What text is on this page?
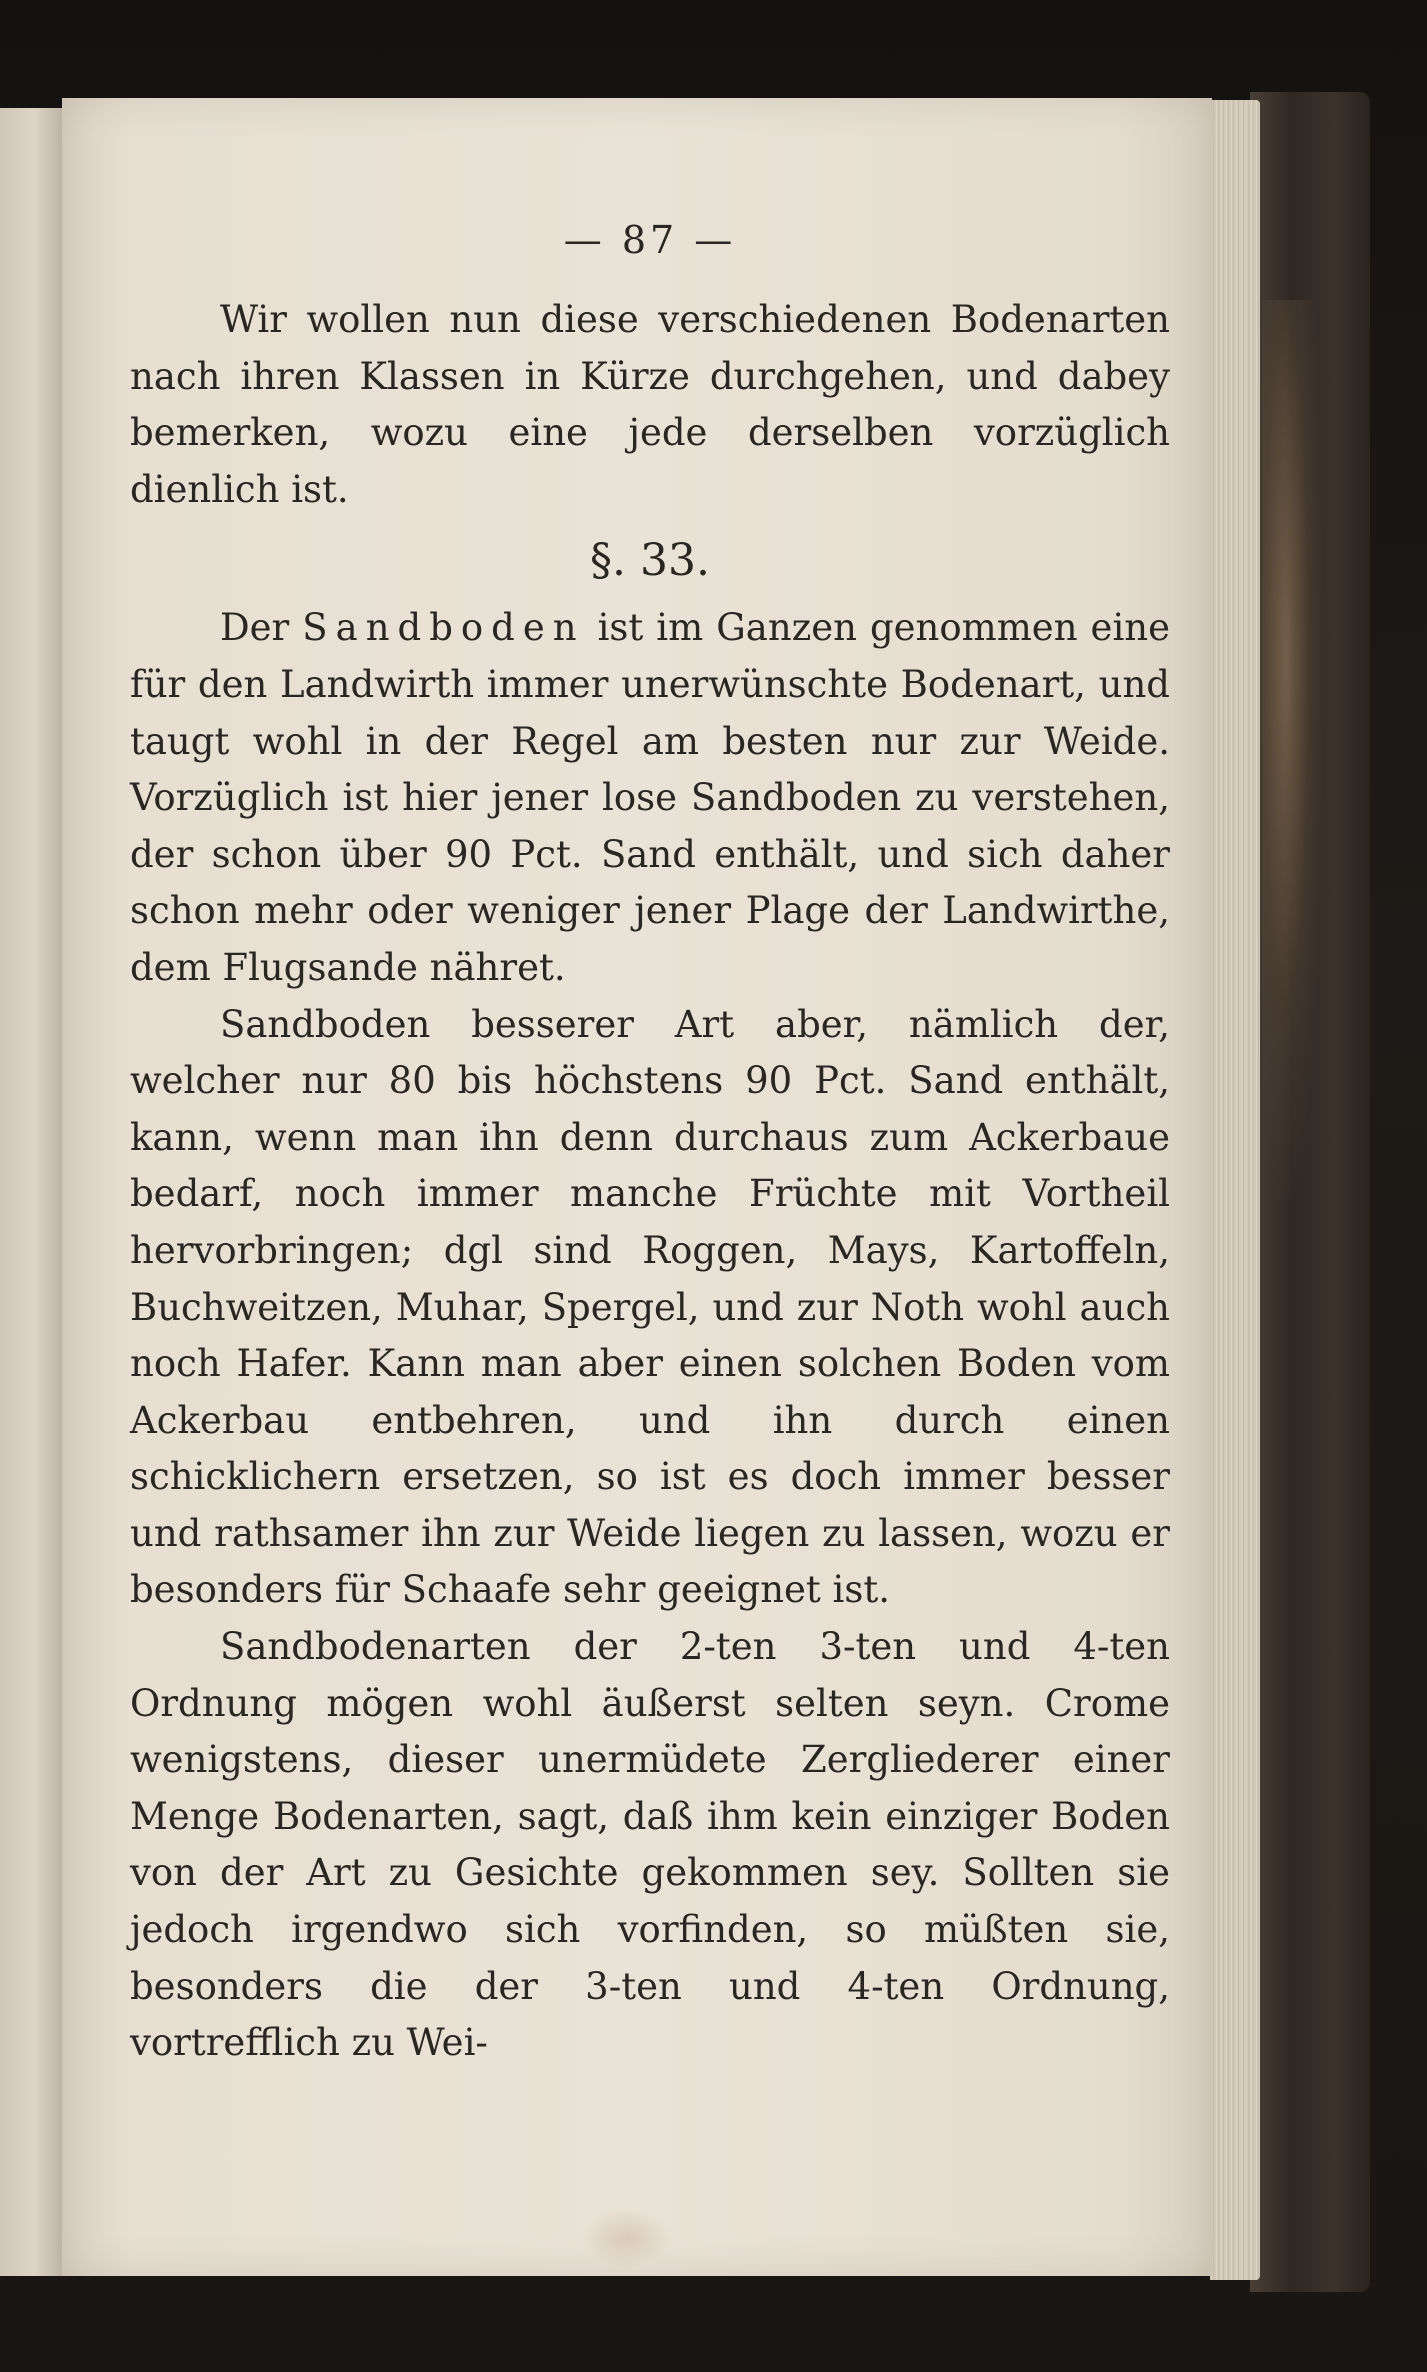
— 87 —

Wir wollen nun diese verschiedenen Bodenarten nach ihren Klassen in Kürze durchgehen, und dabey bemerken, wozu eine jede derselben vorzüglich dienlich ist.

§. 33.

Der Sandboden ist im Ganzen genommen eine für den Landwirth immer unerwünschte Bodenart, und taugt wohl in der Regel am besten nur zur Weide. Vorzüglich ist hier jener lose Sandboden zu verstehen, der schon über 90 Pct. Sand enthält, und sich daher schon mehr oder weniger jener Plage der Landwirthe, dem Flugsande nähret.

Sandboden besserer Art aber, nämlich der, welcher nur 80 bis höchstens 90 Pct. Sand enthält, kann, wenn man ihn denn durchaus zum Ackerbaue bedarf, noch immer manche Früchte mit Vortheil hervorbringen; dgl sind Roggen, Mays, Kartoffeln, Buchweitzen, Muhar, Spergel, und zur Noth wohl auch noch Hafer. Kann man aber einen solchen Boden vom Ackerbau entbehren, und ihn durch einen schicklichern ersetzen, so ist es doch immer besser und rathsamer ihn zur Weide liegen zu lassen, wozu er besonders für Schaafe sehr geeignet ist.

Sandbodenarten der 2-ten 3-ten und 4-ten Ordnung mögen wohl äußerst selten seyn. Crome wenigstens, dieser unermüdete Zergliederer einer Menge Bodenarten, sagt, daß ihm kein einziger Boden von der Art zu Gesichte gekommen sey. Sollten sie jedoch irgendwo sich vorfinden, so müßten sie, besonders die der 3-ten und 4-ten Ordnung, vortrefflich zu Wei-
